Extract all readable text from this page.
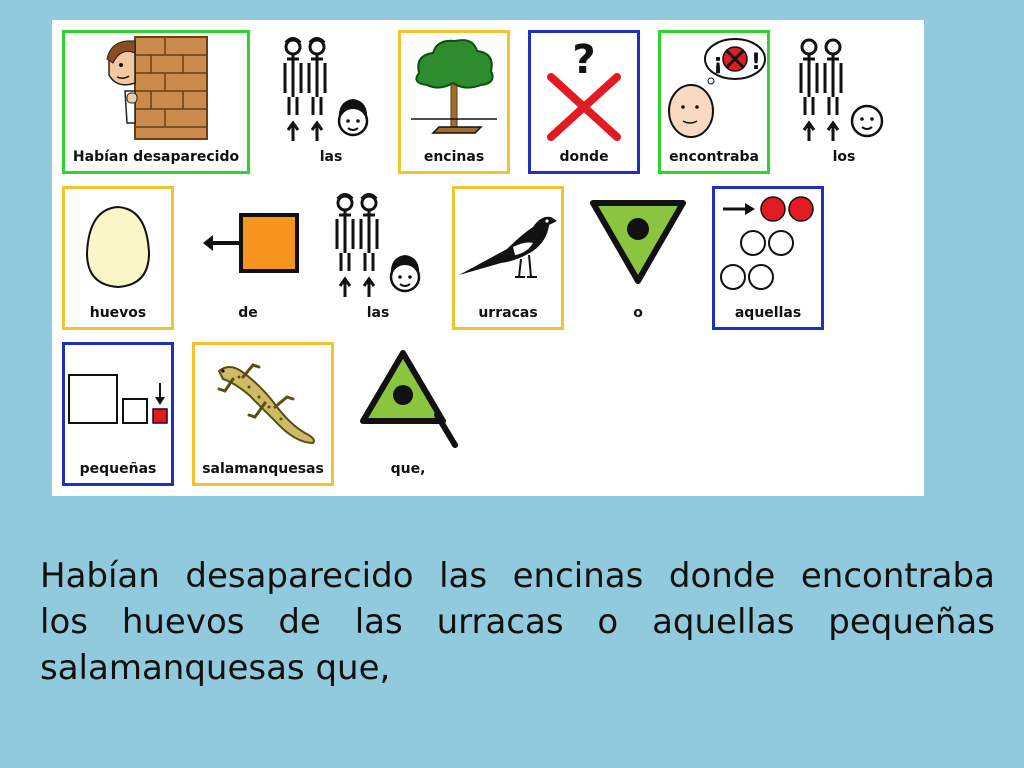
Habían desaparecido	las	encinas
?
donde
¡ !
encontraba	los
huevos	de	las	urracas	o	aquellas
pequeñas	salamanquesas	que,
Habían desaparecido las encinas donde encontraba
los huevos de las urracas o aquellas pequeñas
salamanquesas que,
